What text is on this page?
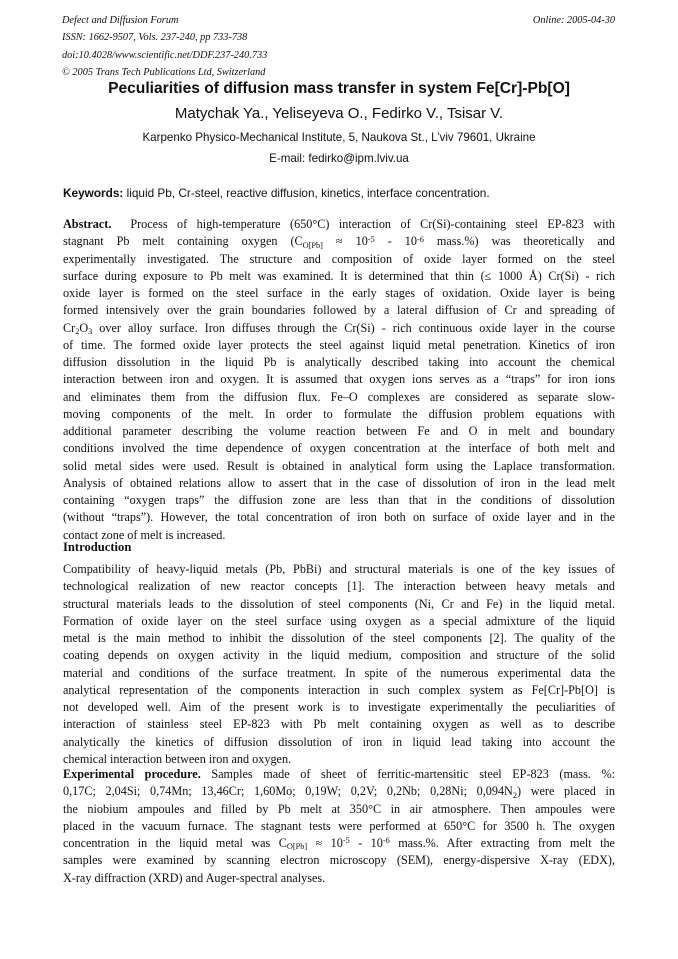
Defect and Diffusion Forum
ISSN: 1662-9507, Vols. 237-240, pp 733-738
doi:10.4028/www.scientific.net/DDF.237-240.733
© 2005 Trans Tech Publications Ltd, Switzerland
Online: 2005-04-30
Peculiarities of diffusion mass transfer in system Fe[Cr]-Pb[O]
Matychak Ya., Yeliseyeva O., Fedirko V., Tsisar V.
Karpenko Physico-Mechanical Institute, 5, Naukova St., L’viv 79601, Ukraine
E-mail: fedirko@ipm.lviv.ua
Keywords: liquid Pb, Cr-steel, reactive diffusion, kinetics, interface concentration.
Abstract. Process of high-temperature (650°C) interaction of Cr(Si)-containing steel EP-823 with
stagnant Pb melt containing oxygen ($C_{O[Pb]} \approx 10^{-5} - 10^{-6}$ mass.%) was theoretically and
experimentally investigated. The structure and composition of oxide layer formed on the steel
surface during exposure to Pb melt was examined. It is determined that thin (≤ 1000 Å) Cr(Si) - rich
oxide layer is formed on the steel surface in the early stages of oxidation. Oxide layer is being
formed intensively over the grain boundaries followed by a lateral diffusion of Cr and spreading of
$Cr_2O_3$ over alloy surface. Iron diffuses through the Cr(Si) - rich continuous oxide layer in the course
of time. The formed oxide layer protects the steel against liquid metal penetration. Kinetics of iron
diffusion dissolution in the liquid Pb is analytically described taking into account the chemical
interaction between iron and oxygen. It is assumed that oxygen ions serves as a “traps” for iron ions
and eliminates them from the diffusion flux. Fe–O complexes are considered as separate slow-
moving components of the melt. In order to formulate the diffusion problem equations with
additional parameter describing the volume reaction between Fe and O in melt and boundary
conditions involved the time dependence of oxygen concentration at the interface of both melt and
solid metal sides were used. Result is obtained in analytical form using the Laplace transformation.
Analysis of obtained relations allow to assert that in the case of dissolution of iron in the lead melt
containing “oxygen traps” the diffusion zone are less than that in the conditions of dissolution
(without “traps”). However, the total concentration of iron both on surface of oxide layer and in the
contact zone of melt is increased.
Introduction
Compatibility of heavy-liquid metals (Pb, PbBi) and structural materials is one of the key issues of
technological realization of new reactor concepts [1]. The interaction between heavy metals and
structural materials leads to the dissolution of steel components (Ni, Cr and Fe) in the liquid metal.
Formation of oxide layer on the steel surface using oxygen as a special admixture of the liquid
metal is the main method to inhibit the dissolution of the steel components [2]. The quality of the
coating depends on oxygen activity in the liquid medium, composition and structure of the solid
material and conditions of the surface treatment. In spite of the numerous experimental data the
analytical representation of the components interaction in such complex system as Fe[Cr]-Pb[O] is
not developed well. Aim of the present work is to investigate experimentally the peculiarities of
interaction of stainless steel EP-823 with Pb melt containing oxygen as well as to describe
analytically the kinetics of diffusion dissolution of iron in liquid lead taking into account the
chemical interaction between iron and oxygen.
Experimental procedure. Samples made of sheet of ferritic-martensitic steel EP-823 (mass. %:
0,17C; 2,04Si; 0,74Mn; 13,46Cr; 1,60Mo; 0,19W; 0,2V; 0,2Nb; 0,28Ni; $0,094N_2$) were placed in
the niobium ampoules and filled by Pb melt at 350°C in air atmosphere. Then ampoules were
placed in the vacuum furnace. The stagnant tests were performed at 650°C for 3500 h. The oxygen
concentration in the liquid metal was $C_{O[Pb]} \approx 10^{-5} - 10^{-6}$ mass.%. After extracting from melt the
samples were examined by scanning electron microscopy (SEM), energy-dispersive X-ray (EDX),
X-ray diffraction (XRD) and Auger-spectral analyses.
